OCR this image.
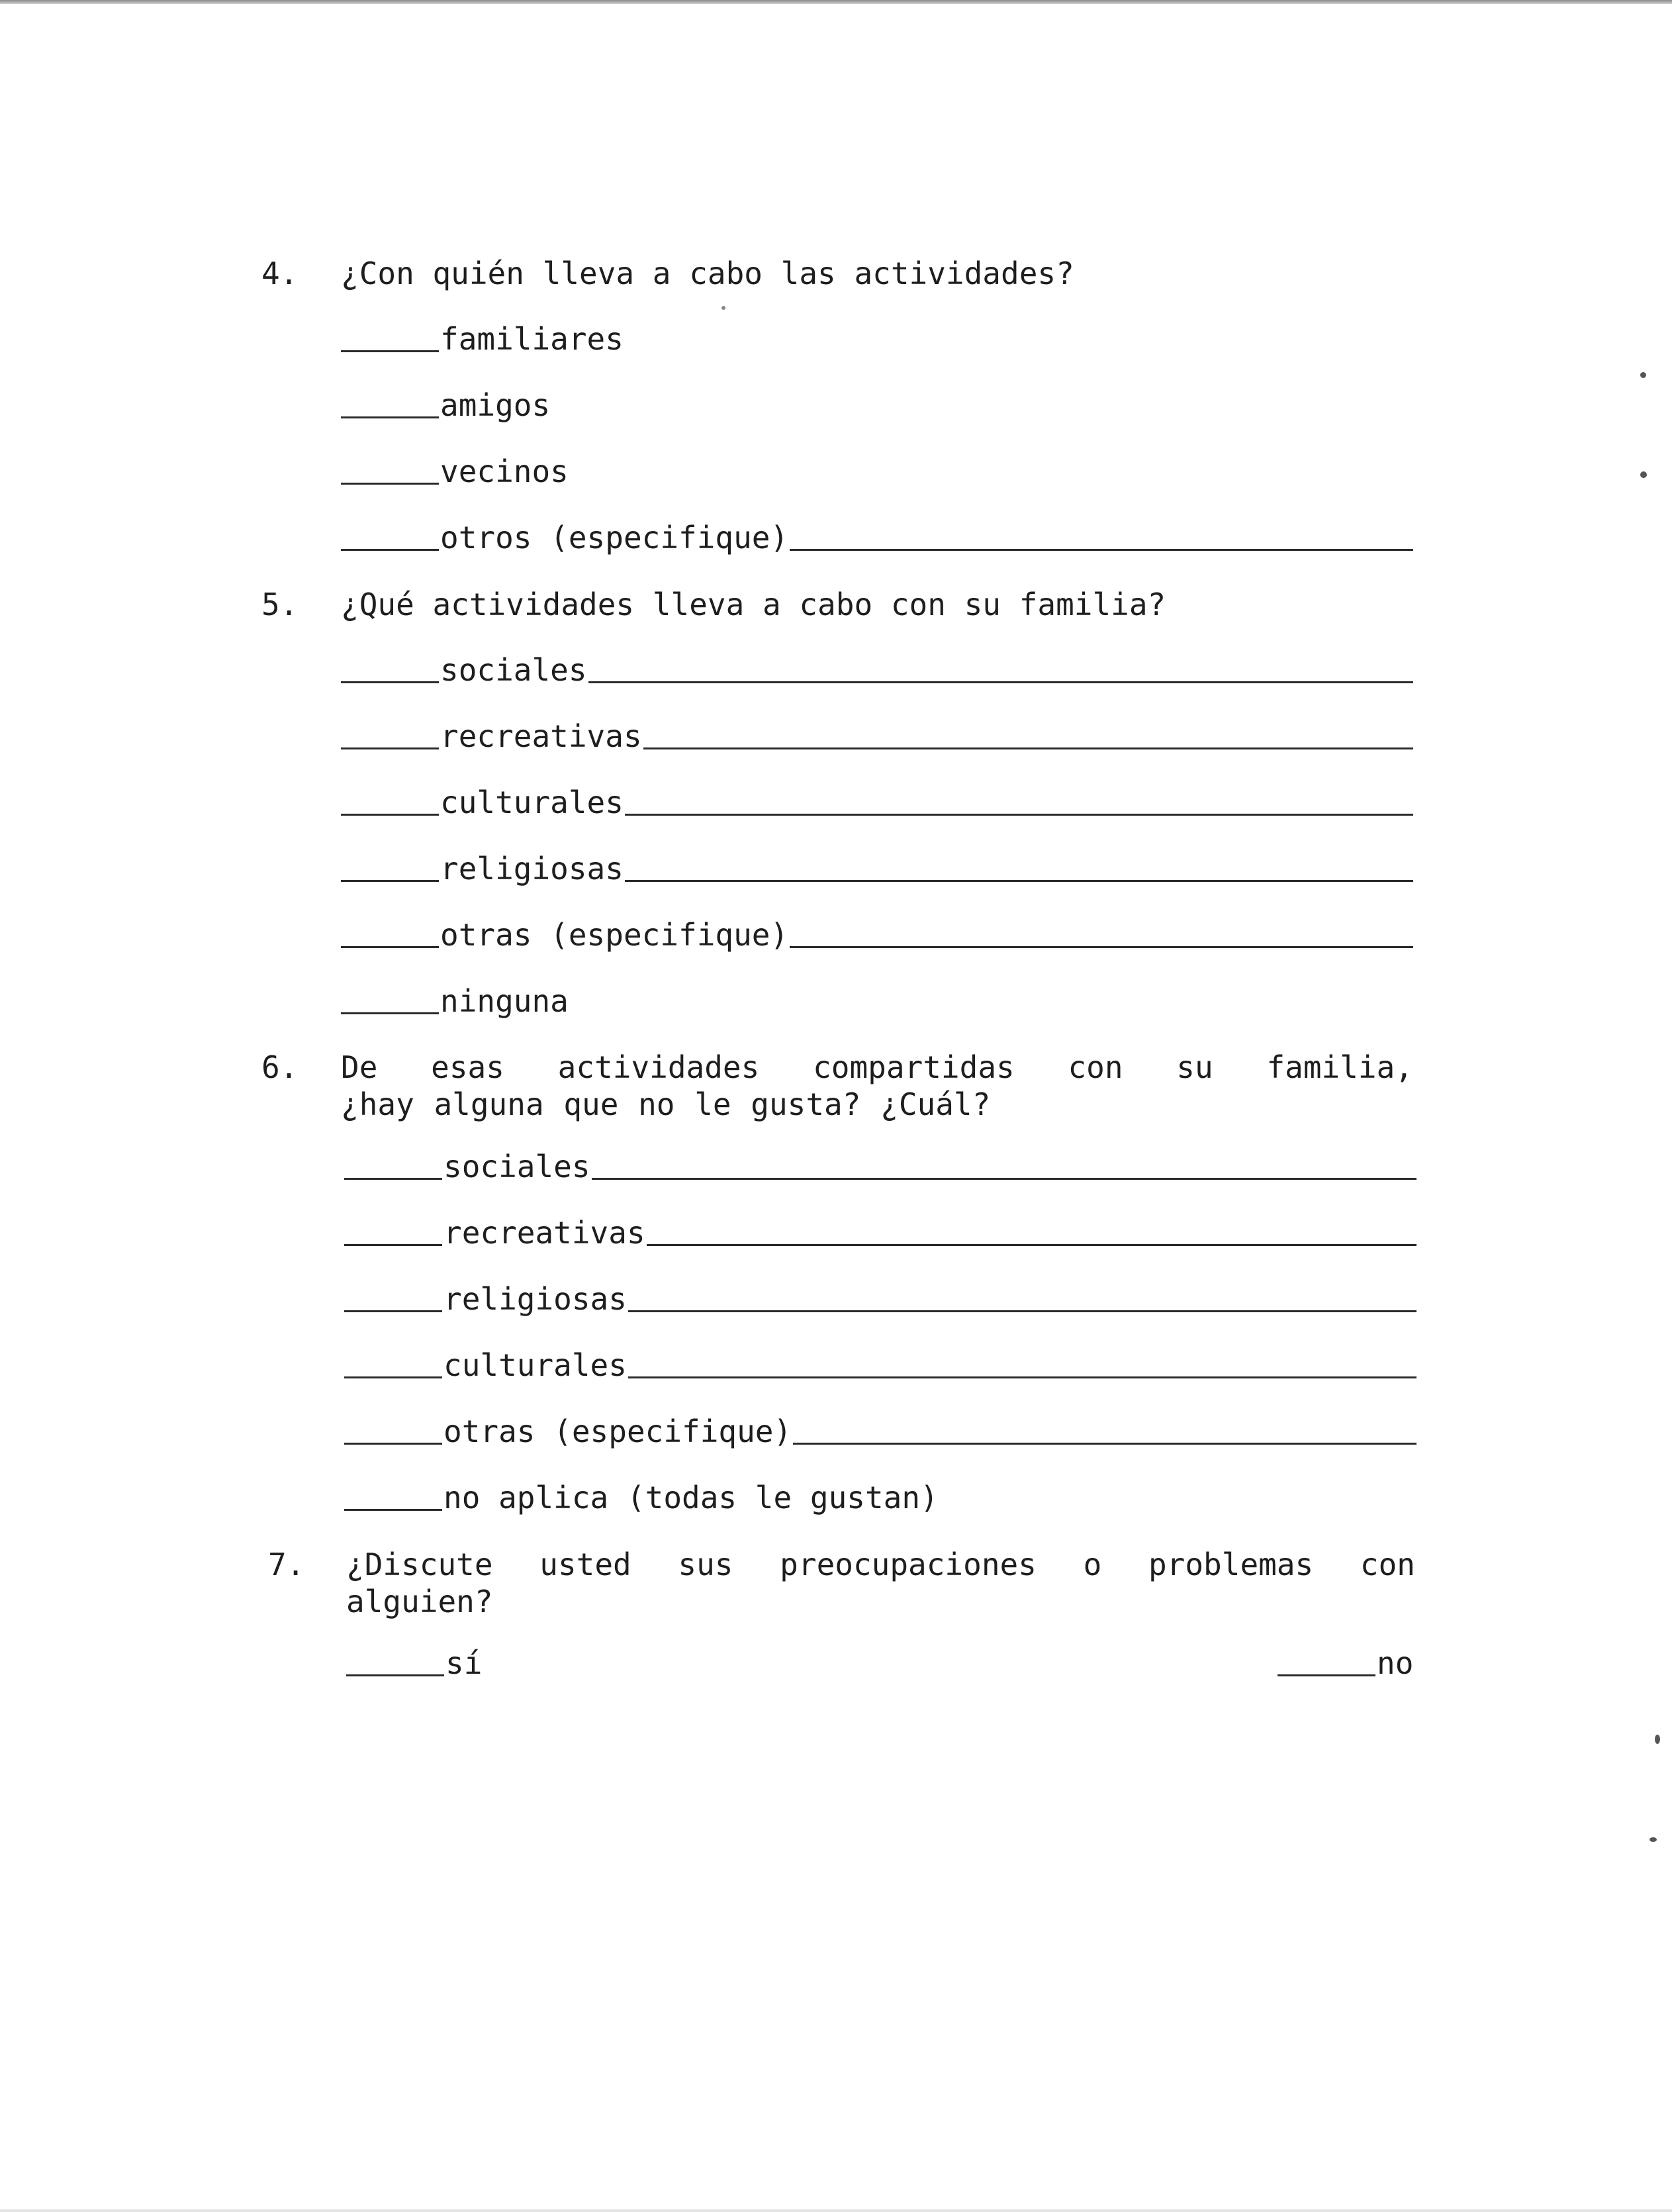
4. ¿Con quién lleva a cabo las actividades?
familiares
amigos
vecinos
otros (especifique)
5. ¿Qué actividades lleva a cabo con su familia?
sociales
recreativas
culturales
religiosas
otras (especifique)
ninguna
6. De esas actividades compartidas con su familia,
¿hay alguna que no le gusta? ¿Cuál?
sociales
recreativas
religiosas
culturales
otras (especifique)
no aplica (todas le gustan)
7. ¿Discute usted sus preocupaciones o problemas con
alguien?
sí	no
